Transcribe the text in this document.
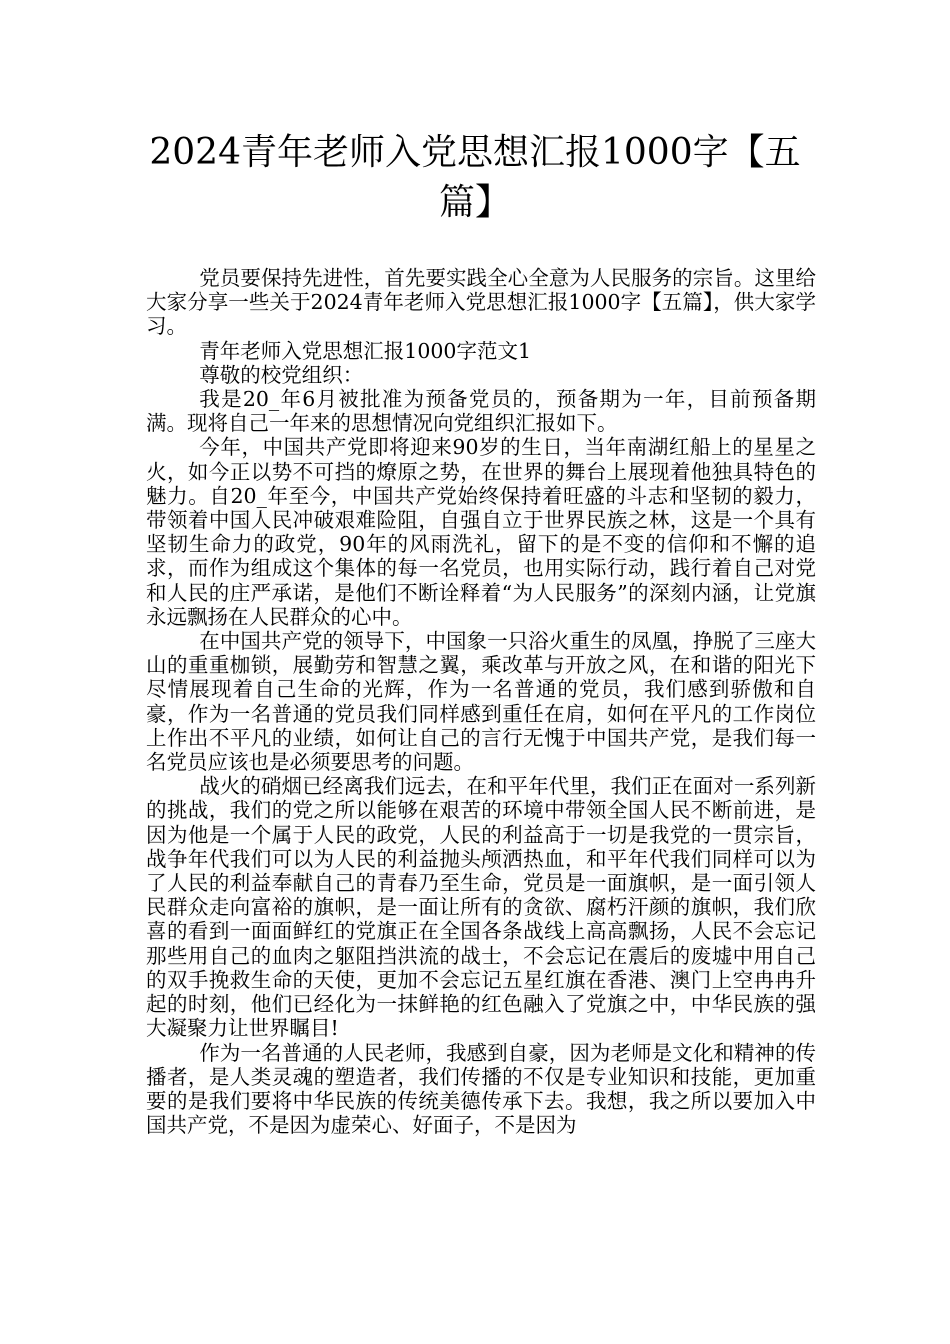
2024青年老师入党思想汇报1000字【五篇】

党员要保持先进性，首先要实践全心全意为人民服务的宗旨。这里给大家分享一些关于2024青年老师入党思想汇报1000字【五篇】，供大家学习。

青年老师入党思想汇报1000字范文1

尊敬的校党组织：

我是20_年6月被批准为预备党员的，预备期为一年，目前预备期满。现将自己一年来的思想情况向党组织汇报如下。

今年，中国共产党即将迎来90岁的生日，当年南湖红船上的星星之火，如今正以势不可挡的燎原之势，在世界的舞台上展现着他独具特色的魅力。自20_年至今，中国共产党始终保持着旺盛的斗志和坚韧的毅力，带领着中国人民冲破艰难险阻，自强自立于世界民族之林，这是一个具有坚韧生命力的政党，90年的风雨洗礼，留下的是不变的信仰和不懈的追求，而作为组成这个集体的每一名党员，也用实际行动，践行着自己对党和人民的庄严承诺，是他们不断诠释着“为人民服务”的深刻内涵，让党旗永远飘扬在人民群众的心中。

在中国共产党的领导下，中国象一只浴火重生的凤凰，挣脱了三座大山的重重枷锁，展勤劳和智慧之翼，乘改革与开放之风，在和谐的阳光下尽情展现着自己生命的光辉，作为一名普通的党员，我们感到骄傲和自豪，作为一名普通的党员我们同样感到重任在肩，如何在平凡的工作岗位上作出不平凡的业绩，如何让自己的言行无愧于中国共产党，是我们每一名党员应该也是必须要思考的问题。

战火的硝烟已经离我们远去，在和平年代里，我们正在面对一系列新的挑战，我们的党之所以能够在艰苦的环境中带领全国人民不断前进，是因为他是一个属于人民的政党，人民的利益高于一切是我党的一贯宗旨，战争年代我们可以为人民的利益抛头颅洒热血，和平年代我们同样可以为了人民的利益奉献自己的青春乃至生命，党员是一面旗帜，是一面引领人民群众走向富裕的旗帜，是一面让所有的贪欲、腐朽汗颜的旗帜，我们欣喜的看到一面面鲜红的党旗正在全国各条战线上高高飘扬，人民不会忘记那些用自己的血肉之躯阻挡洪流的战士，不会忘记在震后的废墟中用自己的双手挽救生命的天使，更加不会忘记五星红旗在香港、澳门上空冉冉升起的时刻，他们已经化为一抹鲜艳的红色融入了党旗之中，中华民族的强大凝聚力让世界瞩目!

作为一名普通的人民老师，我感到自豪，因为老师是文化和精神的传播者，是人类灵魂的塑造者，我们传播的不仅是专业知识和技能，更加重要的是我们要将中华民族的传统美德传承下去。我想，我之所以要加入中国共产党，不是因为虚荣心、好面子，不是因为
